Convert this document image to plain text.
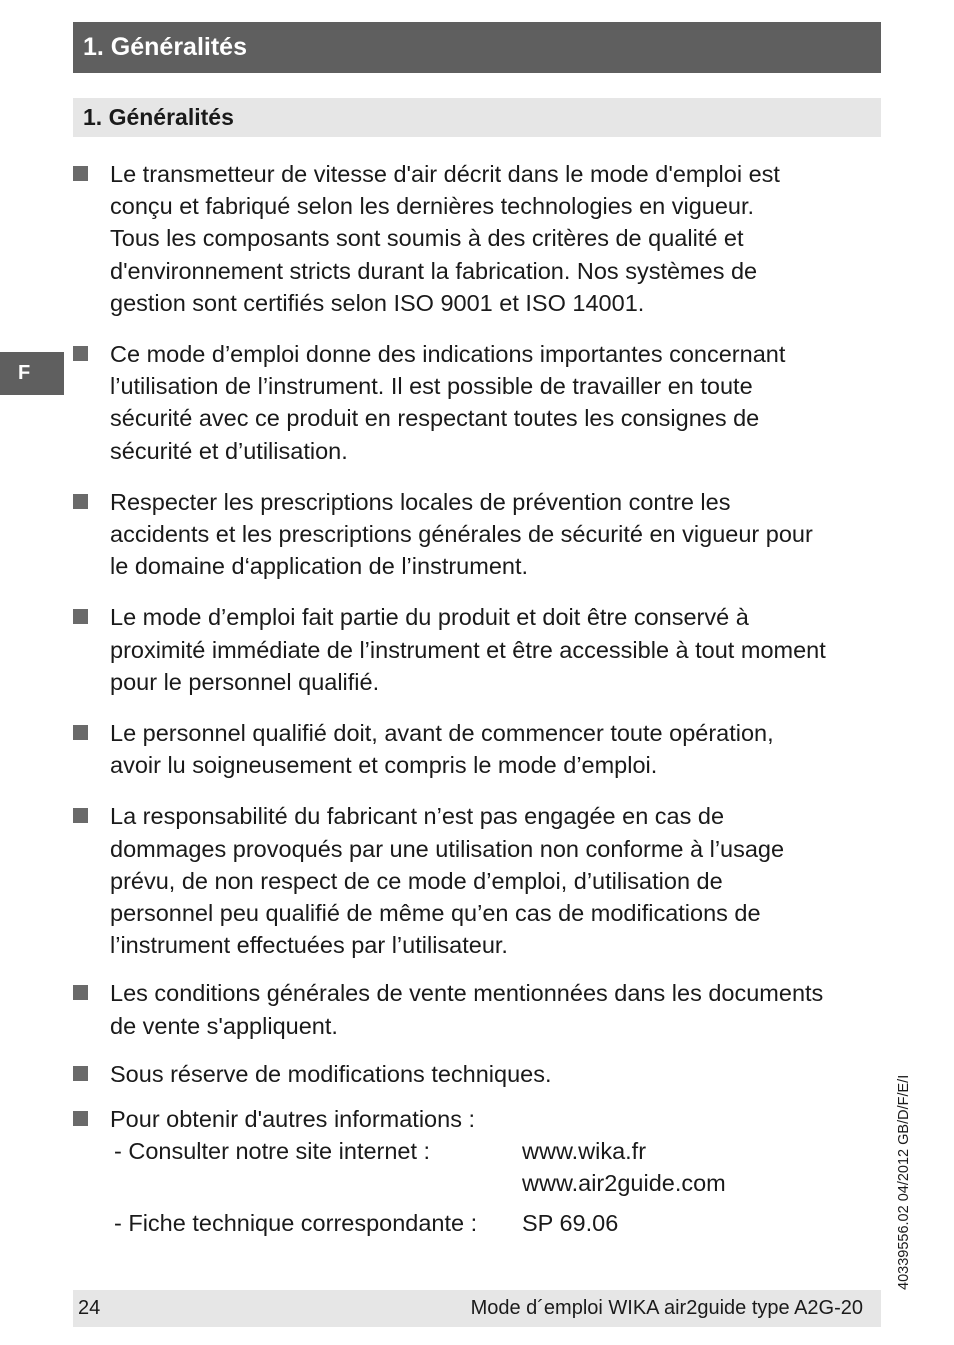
1. Généralités
1. Généralités
F
Le transmetteur de vitesse d'air décrit dans le mode d'emploi est
conçu et fabriqué selon les dernières technologies en vigueur.
Tous les composants sont soumis à des critères de qualité et
d'environnement stricts durant la fabrication. Nos systèmes de
gestion sont certifiés selon ISO 9001 et ISO 14001.
Ce mode d’emploi donne des indications importantes concernant
l’utilisation de l’instrument. Il est possible de travailler en toute
sécurité avec ce produit en respectant toutes les consignes de
sécurité et d’utilisation.
Respecter les prescriptions locales de prévention contre les
accidents et les prescriptions générales de sécurité en vigueur pour
le domaine d‘application de l’instrument.
Le mode d’emploi fait partie du produit et doit être conservé à
proximité immédiate de l’instrument et être accessible à tout moment
pour le personnel qualifié.
Le personnel qualifié doit, avant de commencer toute opération,
avoir lu soigneusement et compris le mode d’emploi.
La responsabilité du fabricant n’est pas engagée en cas de
dommages provoqués par une utilisation non conforme à l’usage
prévu, de non respect de ce mode d’emploi, d’utilisation de
personnel peu qualifié de même qu’en cas de modifications de
l’instrument effectuées par l’utilisateur.
Les conditions générales de vente mentionnées dans les documents
de vente s'appliquent.
Sous réserve de modifications techniques.
Pour obtenir d'autres informations :
- Consulter notre site internet :	www.wika.fr
www.air2guide.com
- Fiche technique correspondante :	SP 69.06	40339556.02 04/2012 GB/D/F/E/I
24	Mode d´emploi WIKA air2guide type A2G-20
